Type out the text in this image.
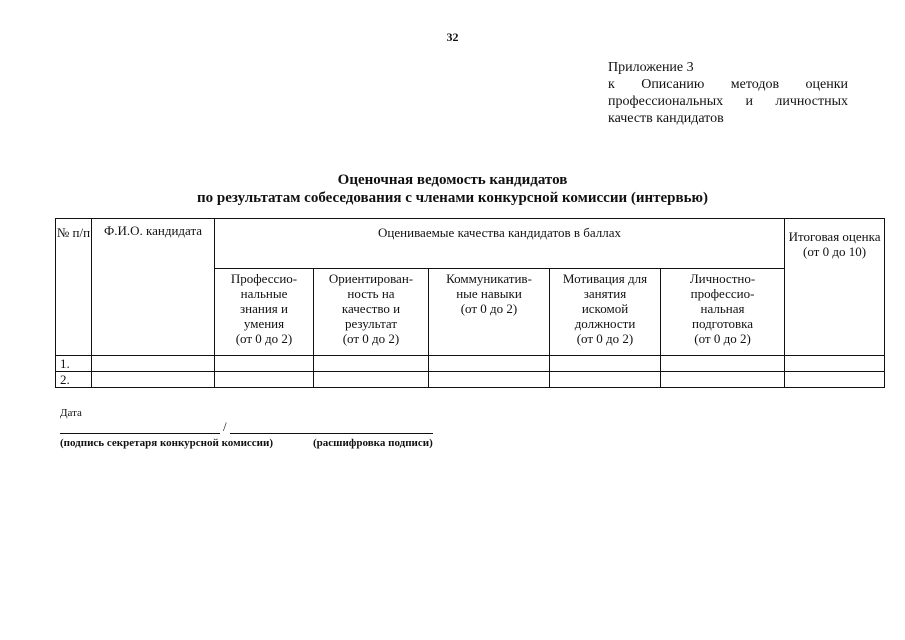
32
Приложение 3
к Описанию методов оценки
профессиональных и личностных
качеств кандидатов
Оценочная ведомость кандидатов
по результатам собеседования с членами конкурсной комиссии (интервью)
№ п/п	Ф.И.О. кандидата	Оцениваемые качества кандидатов в баллах					Итоговая оценка (от 0 до 10)
		Профессио-
нальные
знания и
умения
(от 0 до 2)	Ориентирован-
ность на
качество и
результат
(от 0 до 2)	Коммуникатив-
ные навыки
(от 0 до 2)	Мотивация для
занятия
искомой
должности
(от 0 до 2)	Личностно-
профессио-
нальная
подготовка
(от 0 до 2)	
1.							
2.							
Дата
/
(подпись секретаря конкурсной комиссии)	(расшифровка подписи)
